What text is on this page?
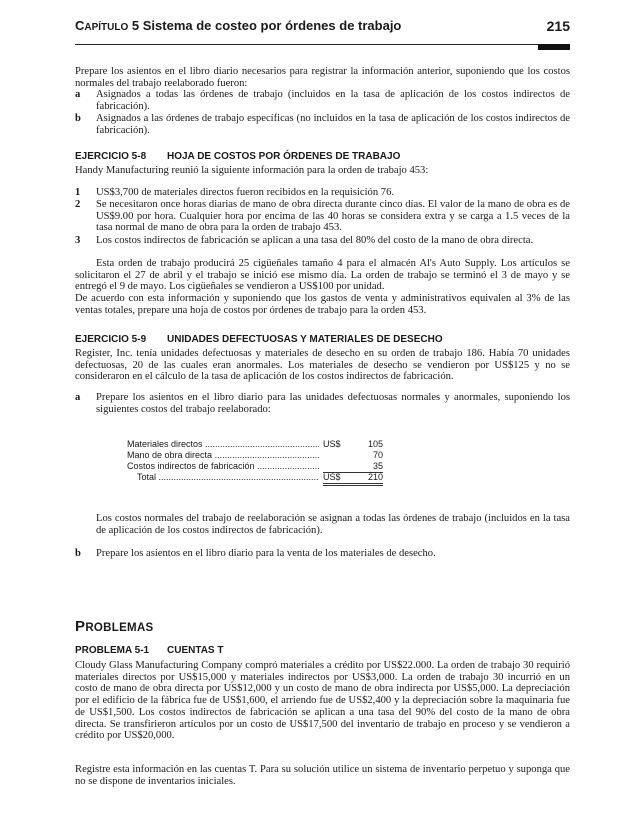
CAPÍTULO 5 Sistema de costeo por órdenes de trabajo	215
Prepare los asientos en el libro diario necesarios para registrar la información anterior, suponiendo que los costos normales del trabajo reelaborado fueron:
a Asignados a todas las órdenes de trabajo (incluidos en la tasa de aplicación de los costos indirectos de fabricación).
b Asignados a las órdenes de trabajo específicas (no incluidos en la tasa de aplicación de los costos indirectos de fabricación).
EJERCICIO 5-8 HOJA DE COSTOS POR ÓRDENES DE TRABAJO
Handy Manufacturing reunió la siguiente información para la orden de trabajo 453:
1 US$3,700 de materiales directos fueron recibidos en la requisición 76.
2 Se necesitaron once horas diarias de mano de obra directa durante cinco días. El valor de la mano de obra es de US$9.00 por hora. Cualquier hora por encima de las 40 horas se considera extra y se carga a 1.5 veces de la tasa normal de mano de obra para la orden de trabajo 453.
3 Los costos indirectos de fabricación se aplican a una tasa del 80% del costo de la mano de obra directa.
Esta orden de trabajo producirá 25 cigüeñales tamaño 4 para el almacén Al's Auto Supply. Los artículos se solicitaron el 27 de abril y el trabajo se inició ese mismo día. La orden de trabajo se terminó el 3 de mayo y se entregó el 9 de mayo. Los cigüeñales se vendieron a US$100 por unidad.
De acuerdo con esta información y suponiendo que los gastos de venta y administrativos equivalen al 3% de las ventas totales, prepare una hoja de costos por órdenes de trabajo para la orden 453.
EJERCICIO 5-9 UNIDADES DEFECTUOSAS Y MATERIALES DE DESECHO
Register, Inc. tenía unidades defectuosas y materiales de desecho en su orden de trabajo 186. Había 70 unidades defectuosas, 20 de las cuales eran anormales. Los materiales de desecho se vendieron por US$125 y no se consideraron en el cálculo de la tasa de aplicación de los costos indirectos de fabricación.
a Prepare los asientos en el libro diario para las unidades defectuosas normales y anormales, suponiendo los siguientes costos del trabajo reelaborado:
Materiales directos .....	US$	105
Mano de obra directa .....	70
Costos indirectos de fabricación .....	35
Total .....	US$	210
Los costos normales del trabajo de reelaboración se asignan a todas las órdenes de trabajo (incluidos en la tasa de aplicación de los costos indirectos de fabricación).
b Prepare los asientos en el libro diario para la venta de los materiales de desecho.
PROBLEMAS
PROBLEMA 5-1 CUENTAS T
Cloudy Glass Manufacturing Company compró materiales a crédito por US$22.000. La orden de trabajo 30 requirió materiales directos por US$15,000 y materiales indirectos por US$3,000. La orden de trabajo 30 incurrió en un costo de mano de obra directa por US$12,000 y un costo de mano de obra indirecta por US$5,000. La depreciación por el edificio de la fábrica fue de US$1,600, el arriendo fue de US$2,400 y la depreciación sobre la maquinaria fue de US$1,500. Los costos indirectos de fabricación se aplican a una tasa del 90% del costo de la mano de obra directa. Se transfirieron artículos por un costo de US$17,500 del inventario de trabajo en proceso y se vendieron a crédito por US$20,000.
Registre esta información en las cuentas T. Para su solución utilice un sistema de inventario perpetuo y suponga que no se dispone de inventarios iniciales.
